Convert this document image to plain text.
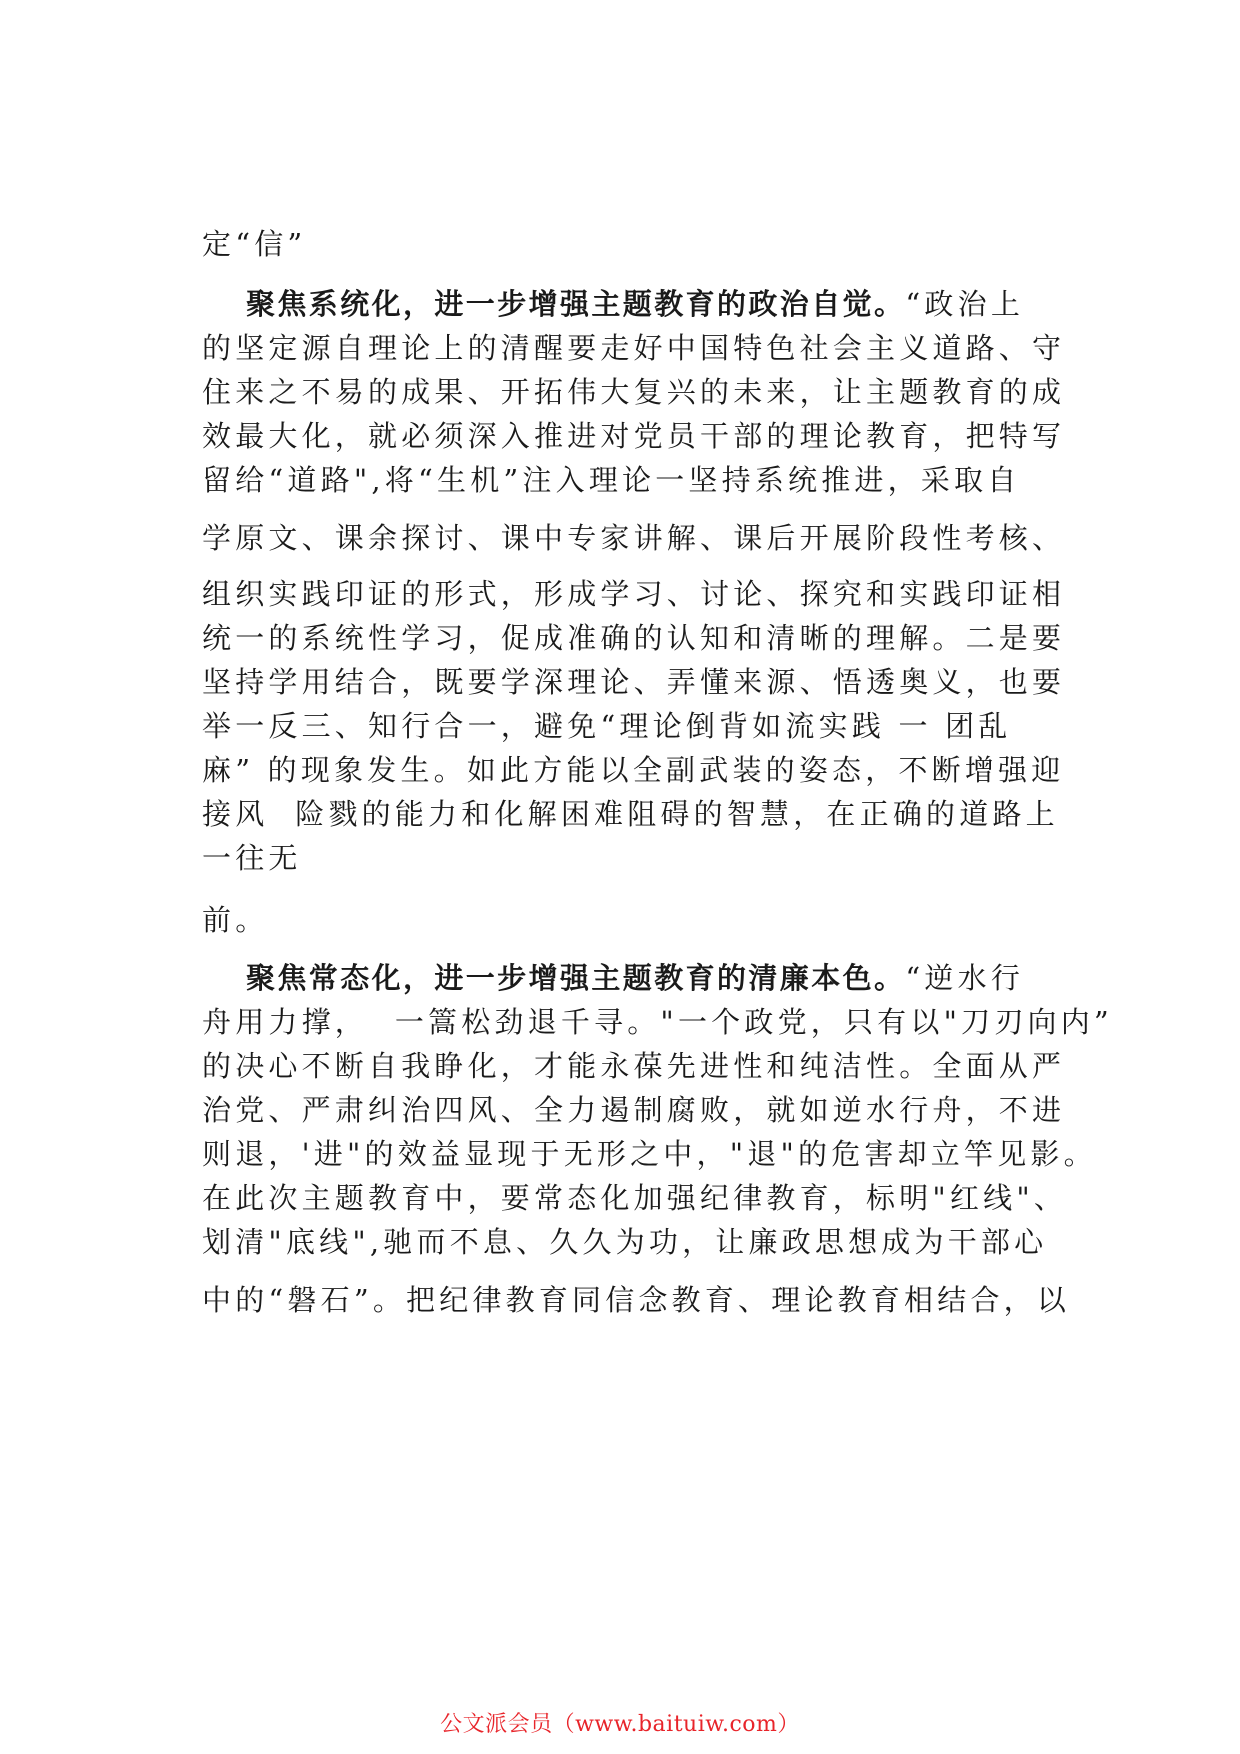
定“信”
聚焦系统化，进一步增强主题教育的政治自觉。“政治上
的坚定源自理论上的清醒要走好中国特色社会主义道路、守
住来之不易的成果、开拓伟大复兴的未来，让主题教育的成
效最大化，就必须深入推进对党员干部的理论教育，把特写
留给“道路",将“生机”注入理论一坚持系统推进，采取自
学原文、课余探讨、课中专家讲解、课后开展阶段性考核、
组织实践印证的形式，形成学习、讨论、探究和实践印证相
统一的系统性学习，促成准确的认知和清晰的理解。二是要
坚持学用结合，既要学深理论、弄懂来源、悟透奥义，也要
举一反三、知行合一，避免“理论倒背如流实践 一 团乱
麻” 的现象发生。如此方能以全副武装的姿态，不断增强迎
接风  险戮的能力和化解困难阻碍的智慧，在正确的道路上
一往无
前。
聚焦常态化，进一步增强主题教育的清廉本色。“逆水行
舟用力撑，  一篙松劲退千寻。"一个政党，只有以"刀刃向内”
的决心不断自我睁化，才能永葆先进性和纯洁性。全面从严
治党、严肃纠治四风、全力遏制腐败，就如逆水行舟，不进
则退，'进"的效益显现于无形之中，"退"的危害却立竿见影。
在此次主题教育中，要常态化加强纪律教育，标明"红线"、
划清"底线",驰而不息、久久为功，让廉政思想成为干部心
中的“磐石”。把纪律教育同信念教育、理论教育相结合，以
公文派会员（www.baituiw.com）
